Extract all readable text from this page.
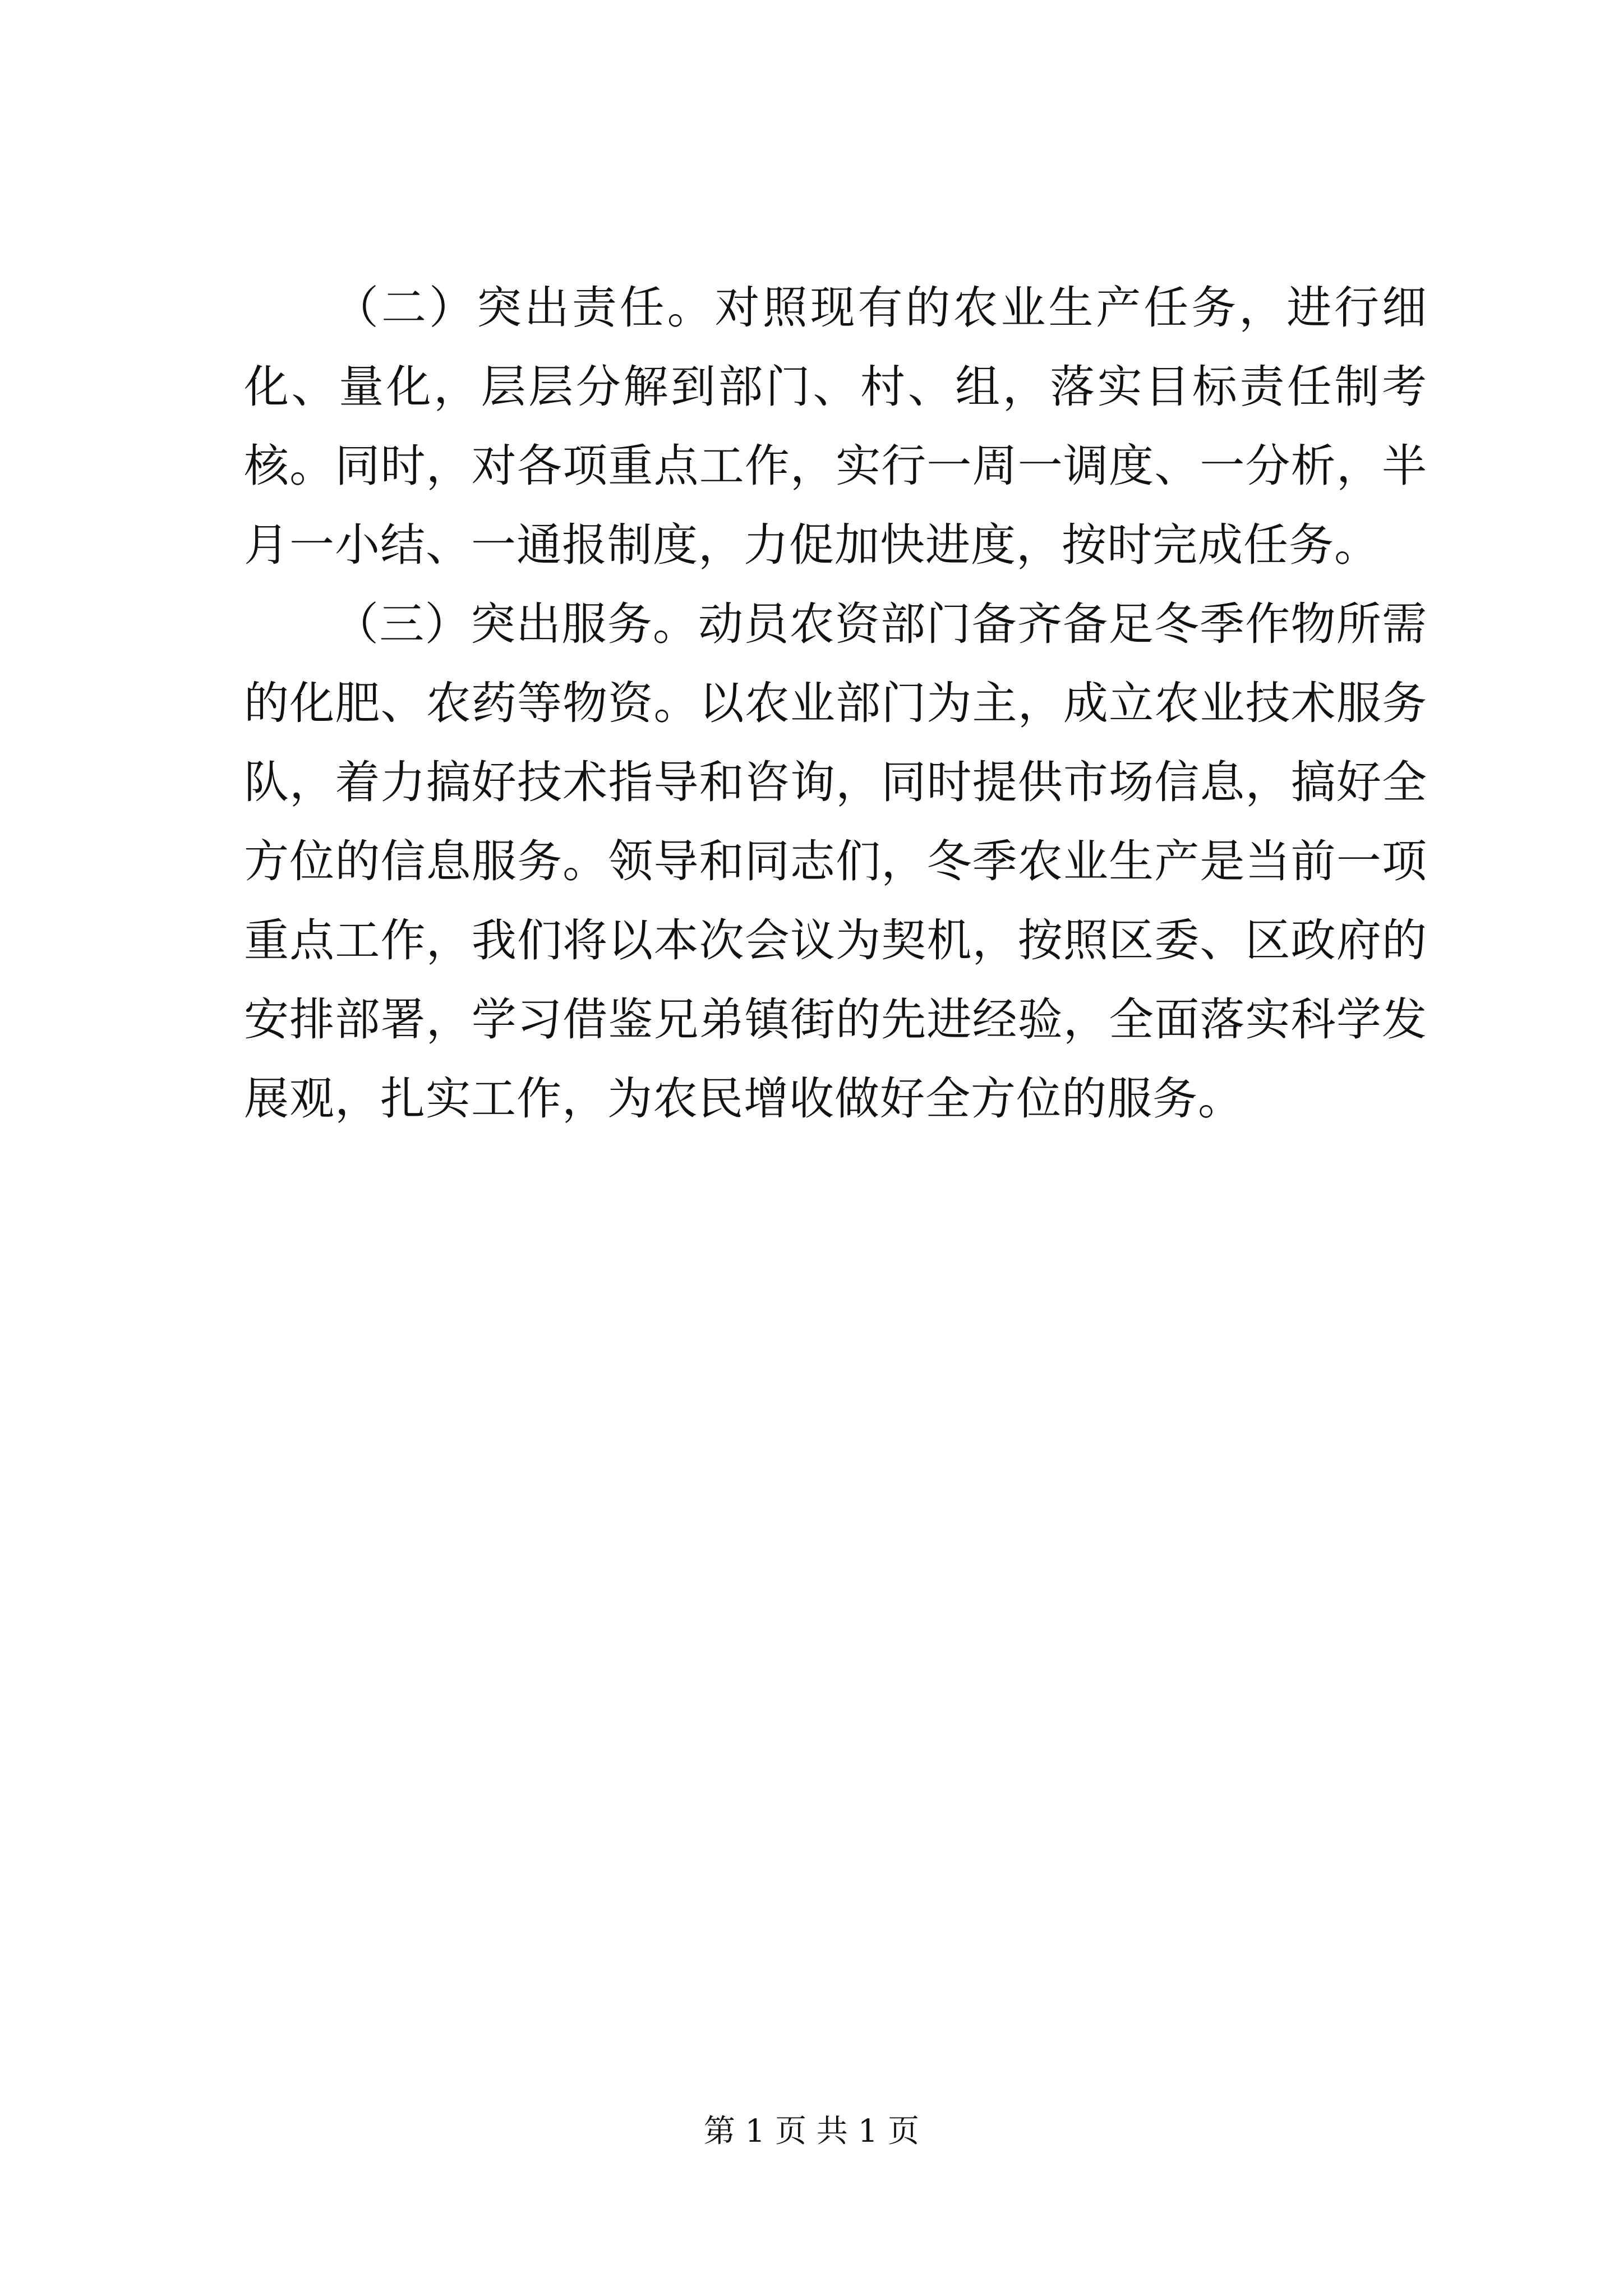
（二）突出责任。对照现有的农业生产任务，进行细化、量化，层层分解到部门、村、组，落实目标责任制考核。同时，对各项重点工作，实行一周一调度、一分析，半月一小结、一通报制度，力促加快进度，按时完成任务。

（三）突出服务。动员农资部门备齐备足冬季作物所需的化肥、农药等物资。以农业部门为主，成立农业技术服务队，着力搞好技术指导和咨询，同时提供市场信息，搞好全方位的信息服务。领导和同志们，冬季农业生产是当前一项重点工作，我们将以本次会议为契机，按照区委、区政府的安排部署，学习借鉴兄弟镇街的先进经验，全面落实科学发展观，扎实工作，为农民增收做好全方位的服务。

第 1 页 共 1 页
